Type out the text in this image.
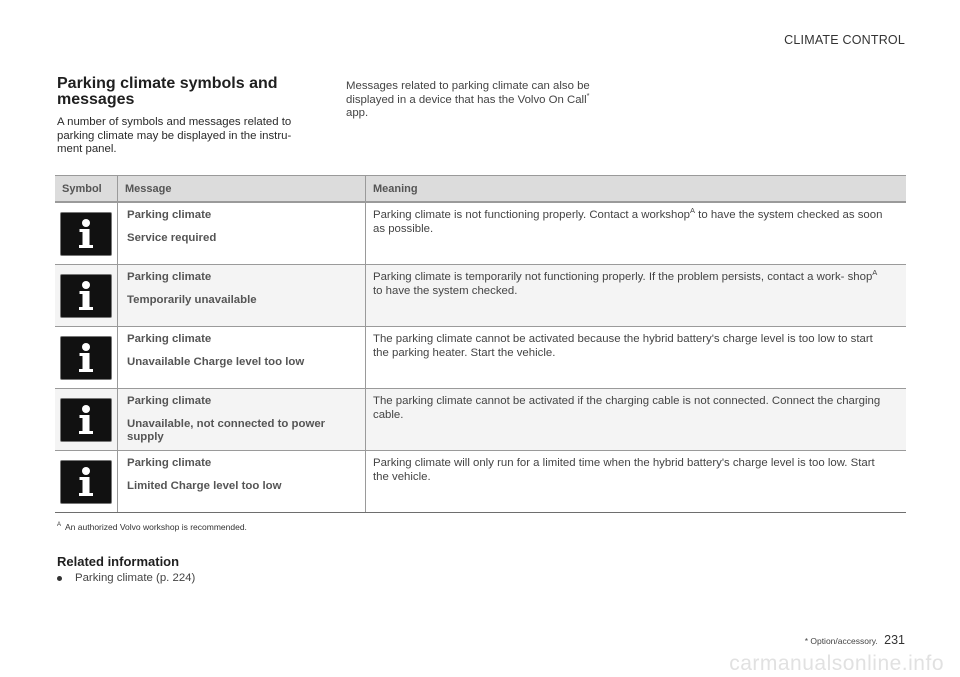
CLIMATE CONTROL
Parking climate symbols and messages
A number of symbols and messages related to parking climate may be displayed in the instru- ment panel.
Messages related to parking climate can also be displayed in a device that has the Volvo On Call* app.
Symbol	Message	Meaning
Parking climate
Service required
Parking climate is not functioning properly. Contact a workshop$^A$ to have the system checked as soon as possible.
Parking climate
Temporarily unavailable
Parking climate is temporarily not functioning properly. If the problem persists, contact a work- shop$^A$ to have the system checked.
Parking climate
Unavailable Charge level too low
The parking climate cannot be activated because the hybrid battery's charge level is too low to start the parking heater. Start the vehicle.
Parking climate
Unavailable, not connected to power supply
The parking climate cannot be activated if the charging cable is not connected. Connect the charging cable.
Parking climate
Limited Charge level too low
Parking climate will only run for a limited time when the hybrid battery's charge level is too low. Start the vehicle.
$^A$ An authorized Volvo workshop is recommended.
Related information
Parking climate (p. 224)
* Option/accessory. 231
carmanualsonline.info
